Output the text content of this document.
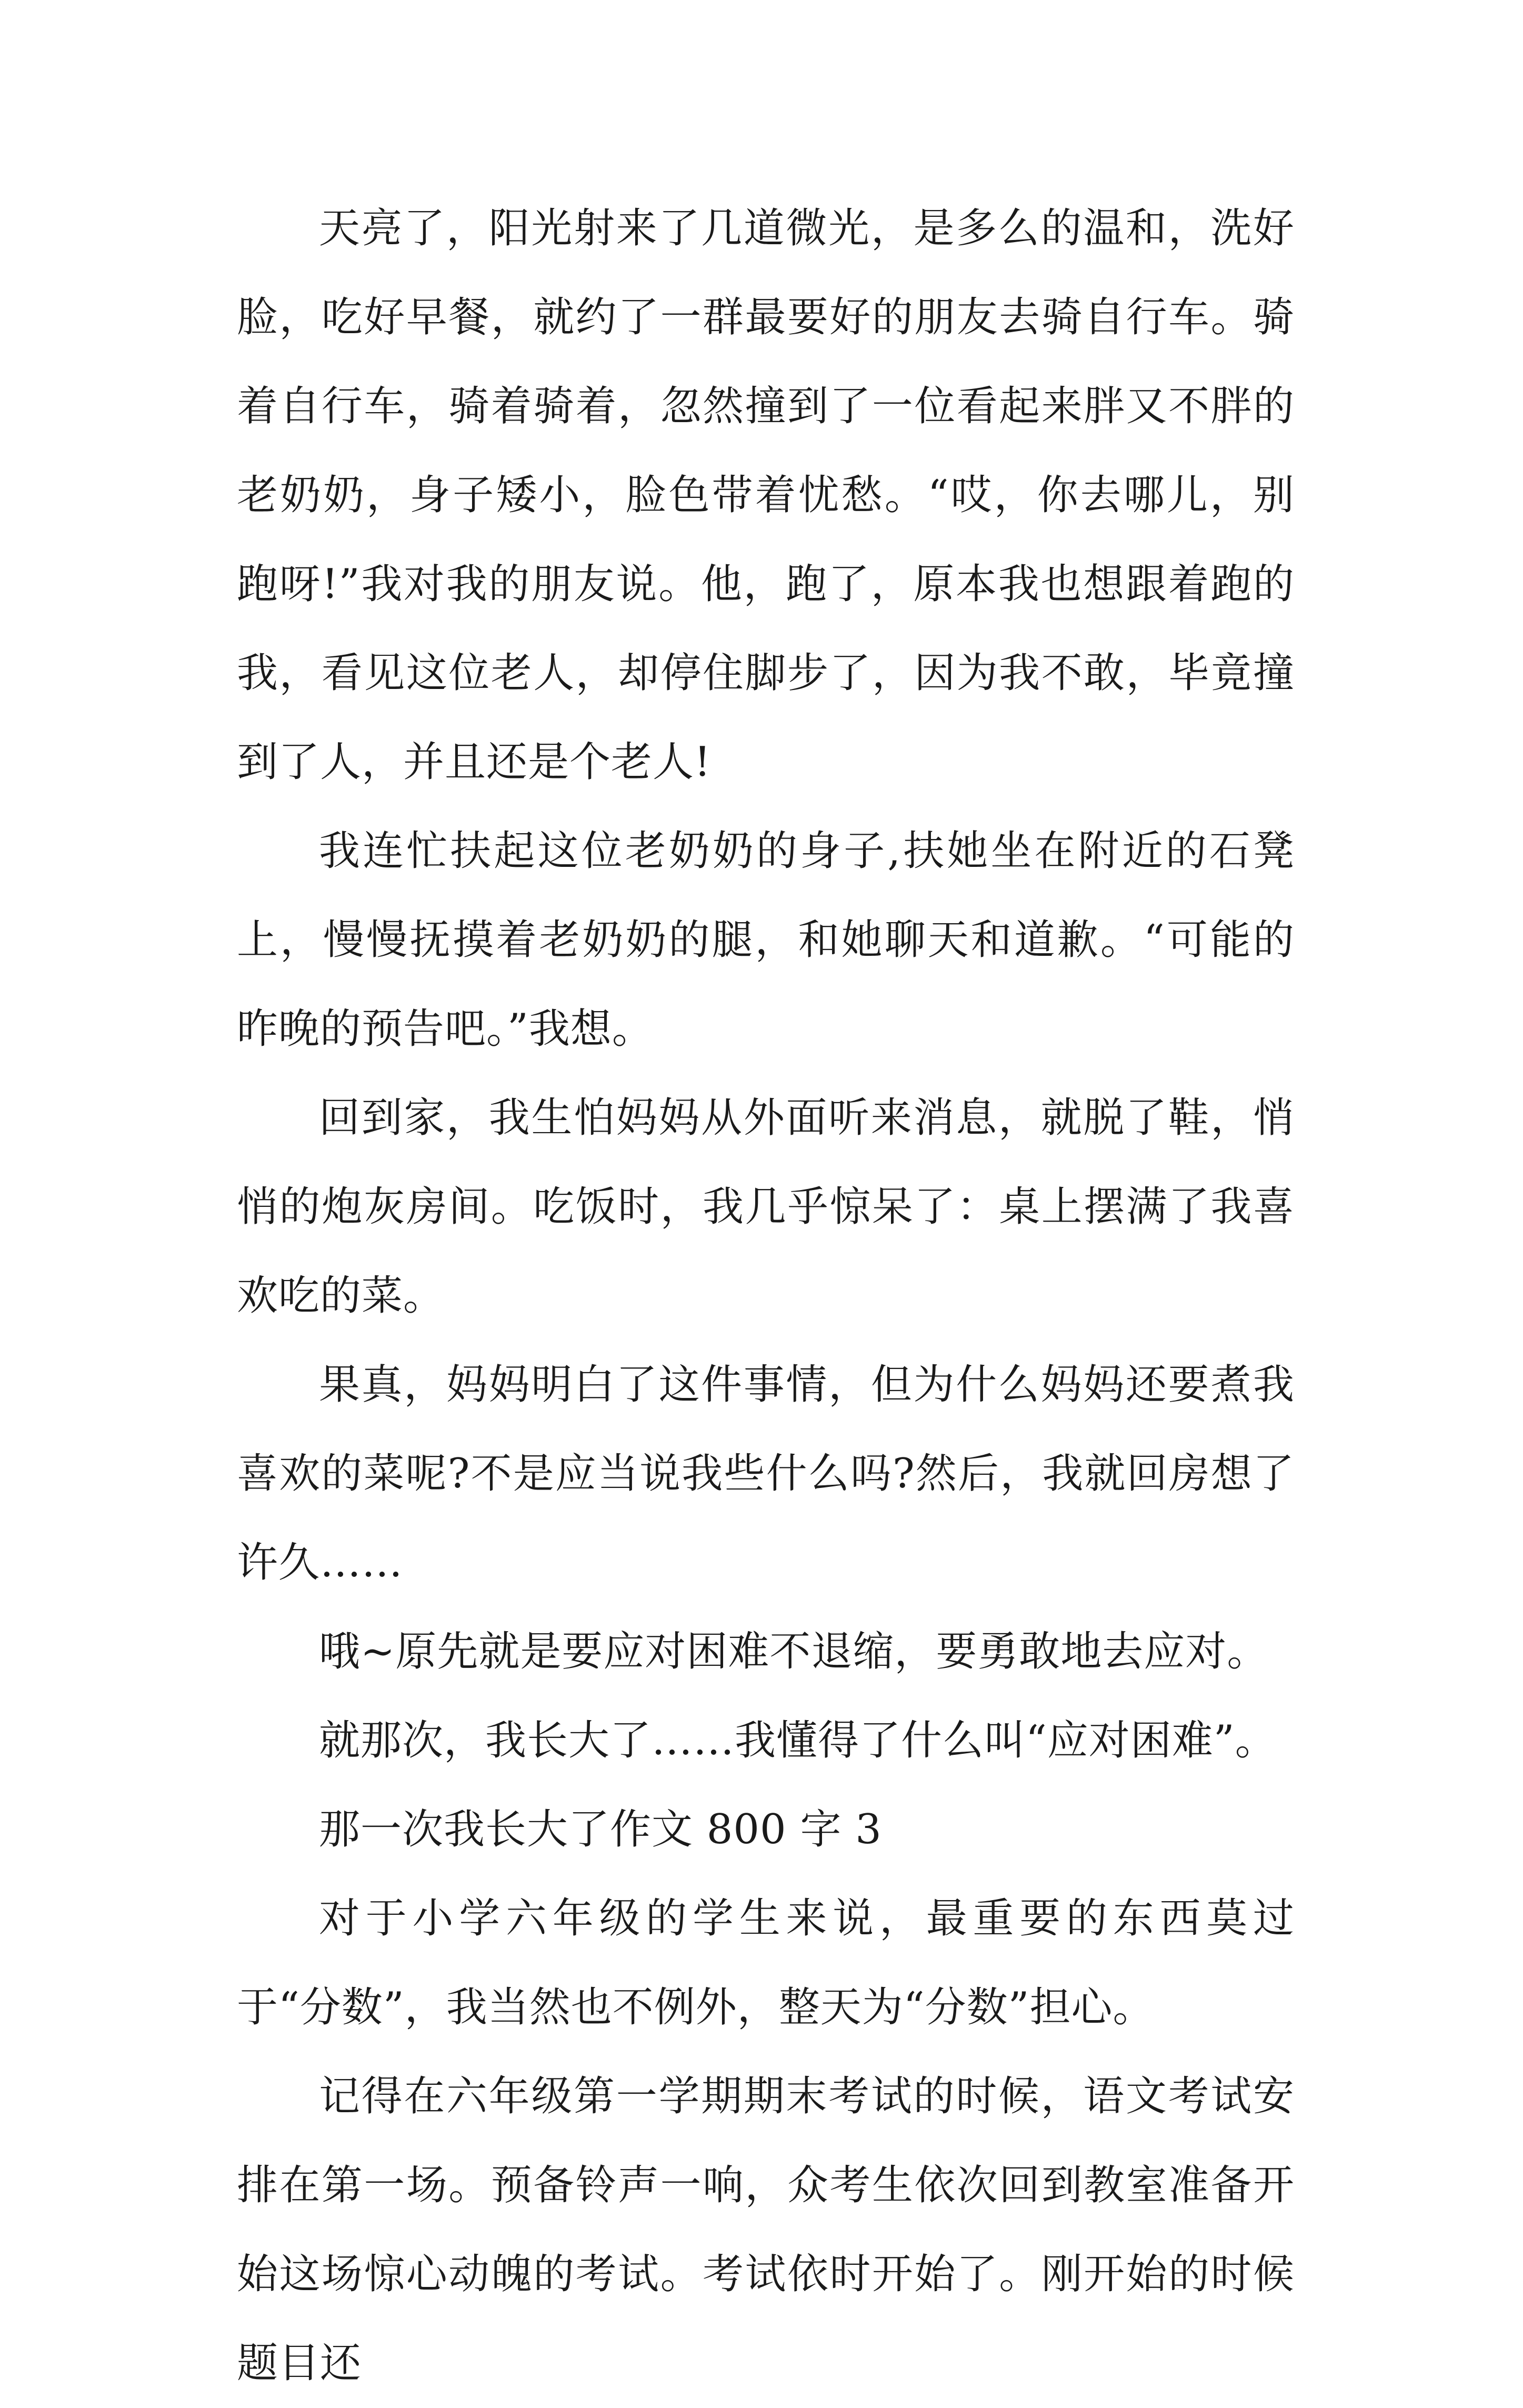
天亮了，阳光射来了几道微光，是多么的温和，洗好脸，吃好早餐，就约了一群最要好的朋友去骑自行车。骑着自行车，骑着骑着，忽然撞到了一位看起来胖又不胖的老奶奶，身子矮小，脸色带着忧愁。“哎，你去哪儿，别跑呀!”我对我的朋友说。他，跑了，原本我也想跟着跑的我，看见这位老人，却停住脚步了，因为我不敢，毕竟撞到了人，并且还是个老人!

我连忙扶起这位老奶奶的身子,扶她坐在附近的石凳上，慢慢抚摸着老奶奶的腿，和她聊天和道歉。“可能的昨晚的预告吧。”我想。

回到家，我生怕妈妈从外面听来消息，就脱了鞋，悄悄的炮灰房间。吃饭时，我几乎惊呆了：桌上摆满了我喜欢吃的菜。

果真，妈妈明白了这件事情，但为什么妈妈还要煮我喜欢的菜呢?不是应当说我些什么吗?然后，我就回房想了许久……

哦~原先就是要应对困难不退缩，要勇敢地去应对。

就那次，我长大了……我懂得了什么叫“应对困难”。

那一次我长大了作文 800 字 3

对于小学六年级的学生来说，最重要的东西莫过于“分数”，我当然也不例外，整天为“分数”担心。

记得在六年级第一学期期末考试的时候，语文考试安排在第一场。预备铃声一响，众考生依次回到教室准备开始这场惊心动魄的考试。考试依时开始了。刚开始的时候题目还
